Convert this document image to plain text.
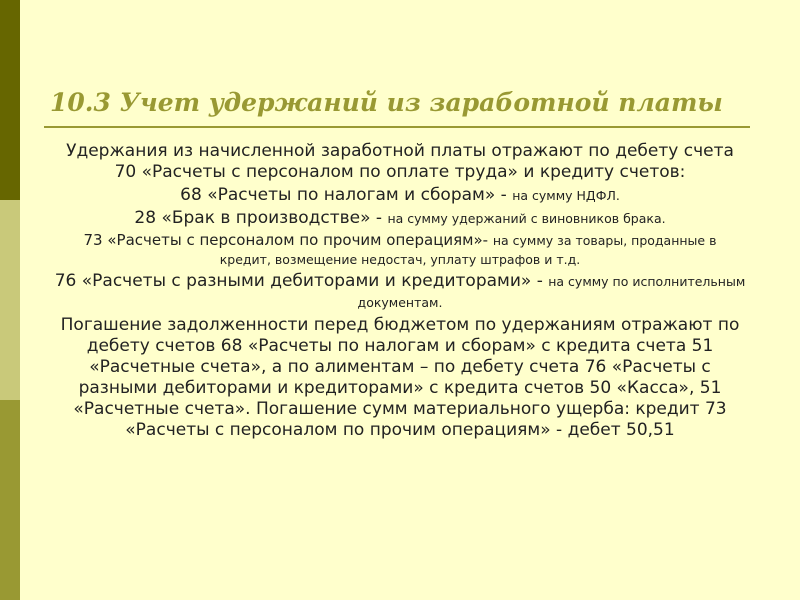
10.3 Учет удержаний из заработной платы

Удержания из начисленной заработной платы отражают по дебету счета 70 «Расчеты с персоналом по оплате труда» и кредиту счетов:

68 «Расчеты по налогам и сборам» - на сумму НДФЛ.

28 «Брак в производстве» - на сумму удержаний с виновников брака.

73 «Расчеты с персоналом по прочим операциям»- на сумму за товары, проданные в кредит, возмещение недостач, уплату штрафов и т.д.

76 «Расчеты с разными дебиторами и кредиторами» - на сумму по исполнительным документам.

Погашение задолженности перед бюджетом по удержаниям отражают по дебету счетов 68 «Расчеты по налогам и сборам» с кредита счета 51 «Расчетные счета», а по алиментам – по дебету счета 76 «Расчеты с разными дебиторами и кредиторами» с кредита счетов 50 «Касса», 51 «Расчетные счета». Погашение сумм материального ущерба: кредит 73 «Расчеты с персоналом по прочим операциям» - дебет 50,51
